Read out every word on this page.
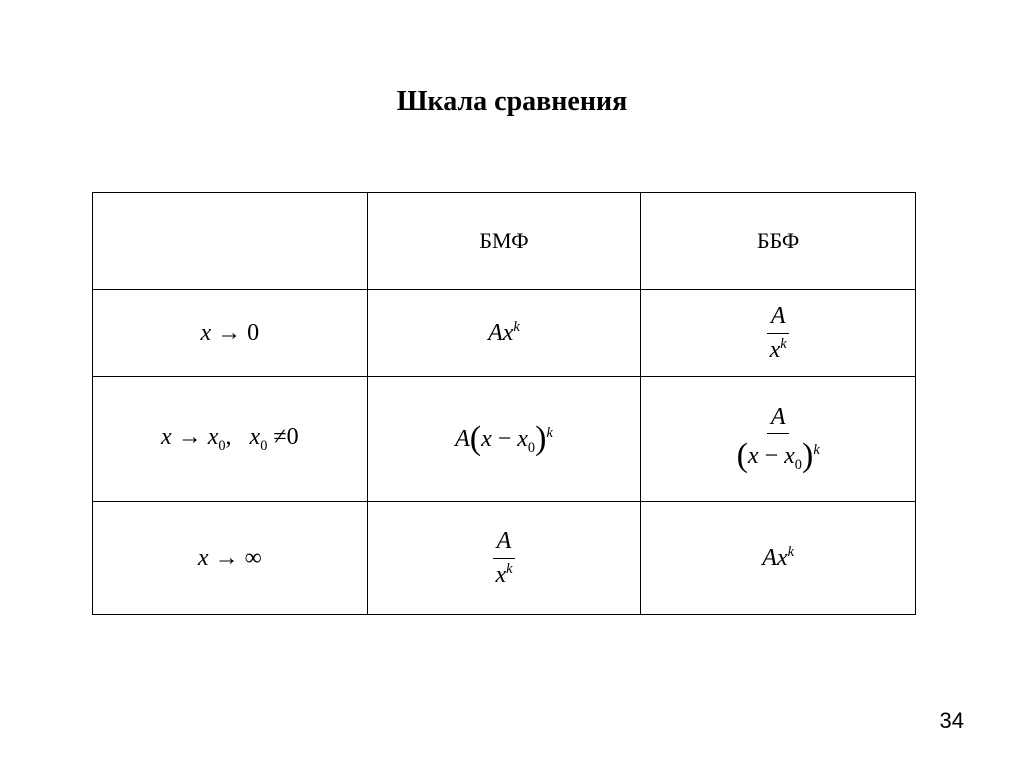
Шкала сравнения
	БМФ	ББФ
x → 0	Ax$^k$	$\frac{A}{x^k}$

$x \to x_0$, $x_0 \ne 0$	$A(x - x_0)^k$	$\frac{A}{(x - x_0)^k}$

x → ∞	$\frac{A}{x^k}$	Ax$^k$
34
